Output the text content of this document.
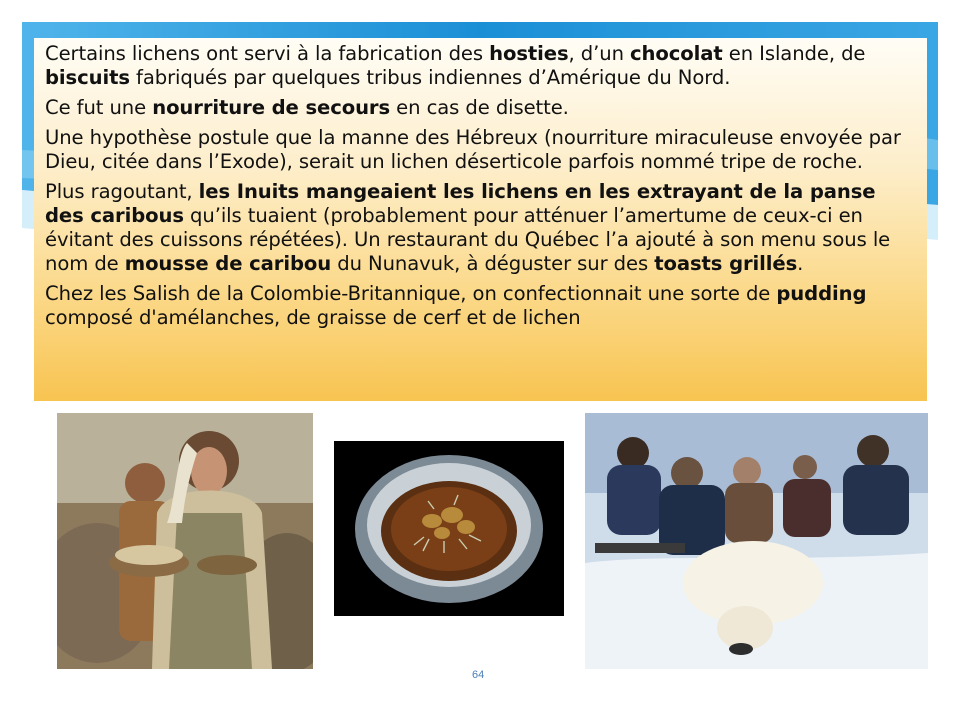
Certains lichens ont servi à la fabrication des hosties, d’un chocolat en Islande, de biscuits fabriqués par quelques tribus indiennes d’Amérique du Nord.

Ce fut une nourriture de secours en cas de disette.

Une hypothèse postule que la manne des Hébreux (nourriture miraculeuse envoyée par Dieu, citée dans l’Exode), serait un lichen déserticole parfois nommé tripe de roche.

Plus ragoutant, les Inuits mangeaient les lichens en les extrayant de la panse des caribous qu’ils tuaient (probablement pour atténuer l’amertume de ceux-ci en évitant des cuissons répétées). Un restaurant du Québec l’a ajouté à son menu sous le nom de mousse de caribou du Nunavuk, à déguster sur des toasts grillés.

Chez les Salish de la Colombie-Britannique, on confectionnait une sorte de pudding composé d'amélanches, de graisse de cerf et de lichen

64
